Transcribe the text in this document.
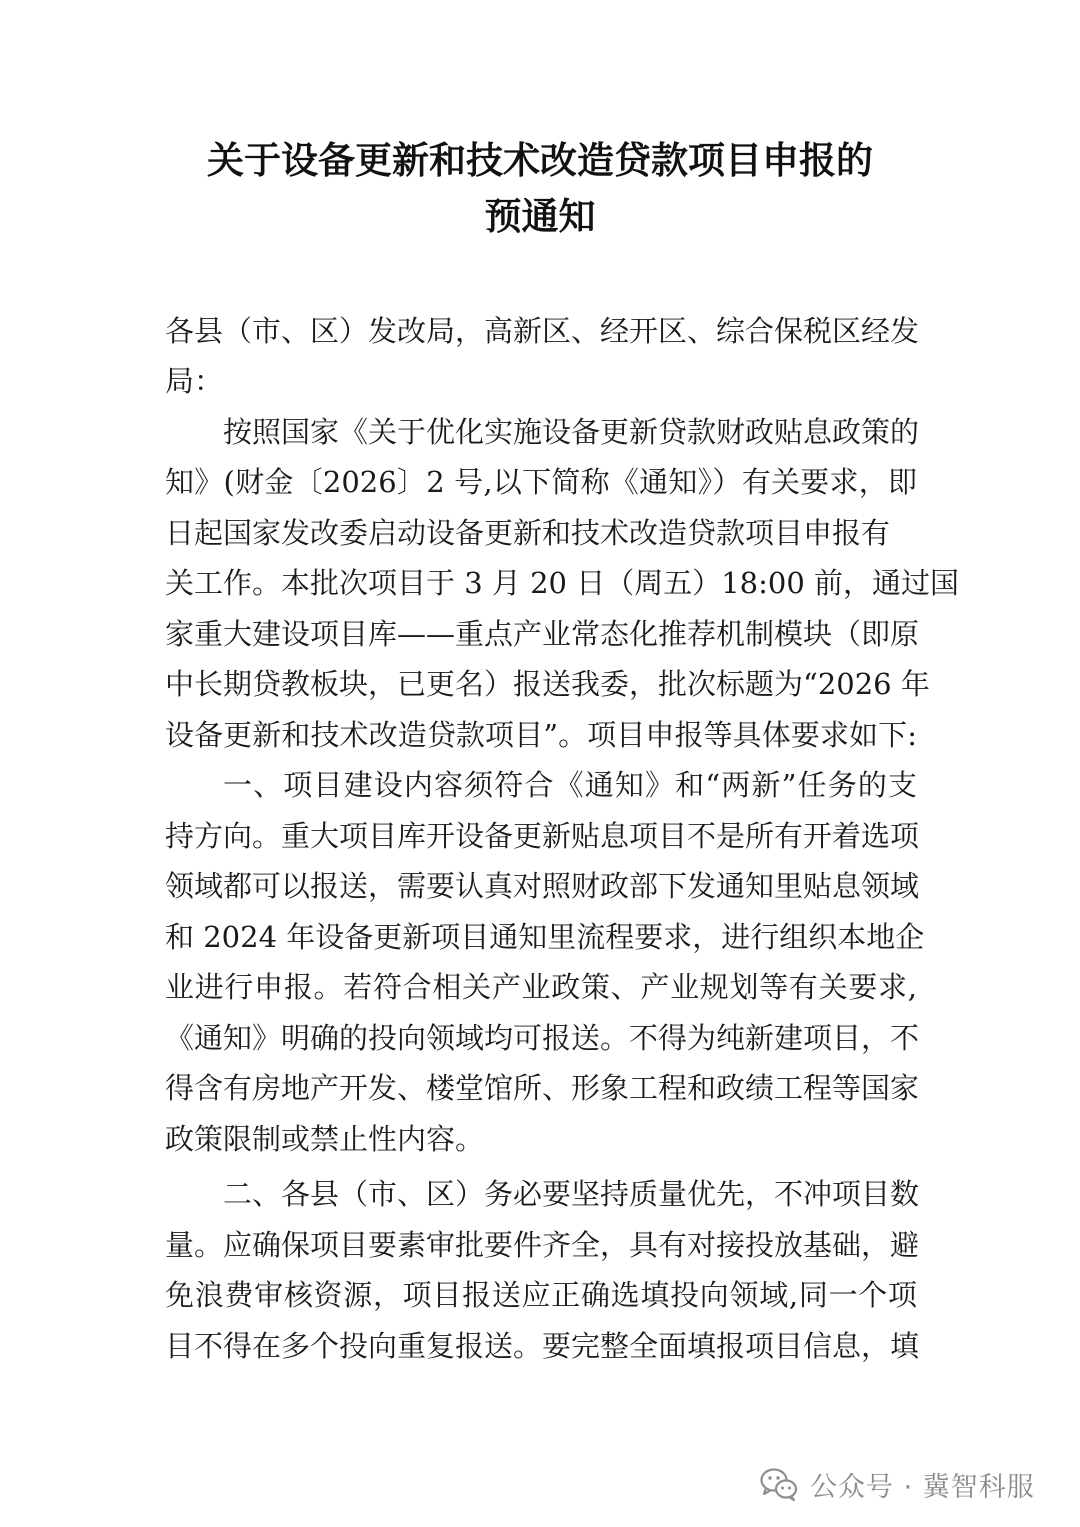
关于设备更新和技术改造贷款项目申报的
预通知
各县（市、区）发改局，高新区、经开区、综合保税区经发
局：
按照国家《关于优化实施设备更新贷款财政贴息政策的
知》(财金〔2026〕2 号,以下简称《通知》）有关要求，即
日起国家发改委启动设备更新和技术改造贷款项目申报有
关工作。本批次项目于 3 月 20 日（周五）18:00 前，通过国
家重大建设项目库——重点产业常态化推荐机制模块（即原
中长期贷教板块，已更名）报送我委，批次标题为“2026 年
设备更新和技术改造贷款项目”。项目申报等具体要求如下:
一、项目建设内容须符合《通知》和“两新”任务的支
持方向。重大项目库开设备更新贴息项目不是所有开着选项
领域都可以报送，需要认真对照财政部下发通知里贴息领域
和 2024 年设备更新项目通知里流程要求，进行组织本地企
业进行申报。若符合相关产业政策、产业规划等有关要求,
《通知》明确的投向领域均可报送。不得为纯新建项目，不
得含有房地产开发、楼堂馆所、形象工程和政绩工程等国家
政策限制或禁止性内容。
二、各县（市、区）务必要坚持质量优先，不冲项目数
量。应确保项目要素审批要件齐全，具有对接投放基础，避
免浪费审核资源，项目报送应正确选填投向领域,同一个项
目不得在多个投向重复报送。要完整全面填报项目信息，填
公众号 · 冀智科服
